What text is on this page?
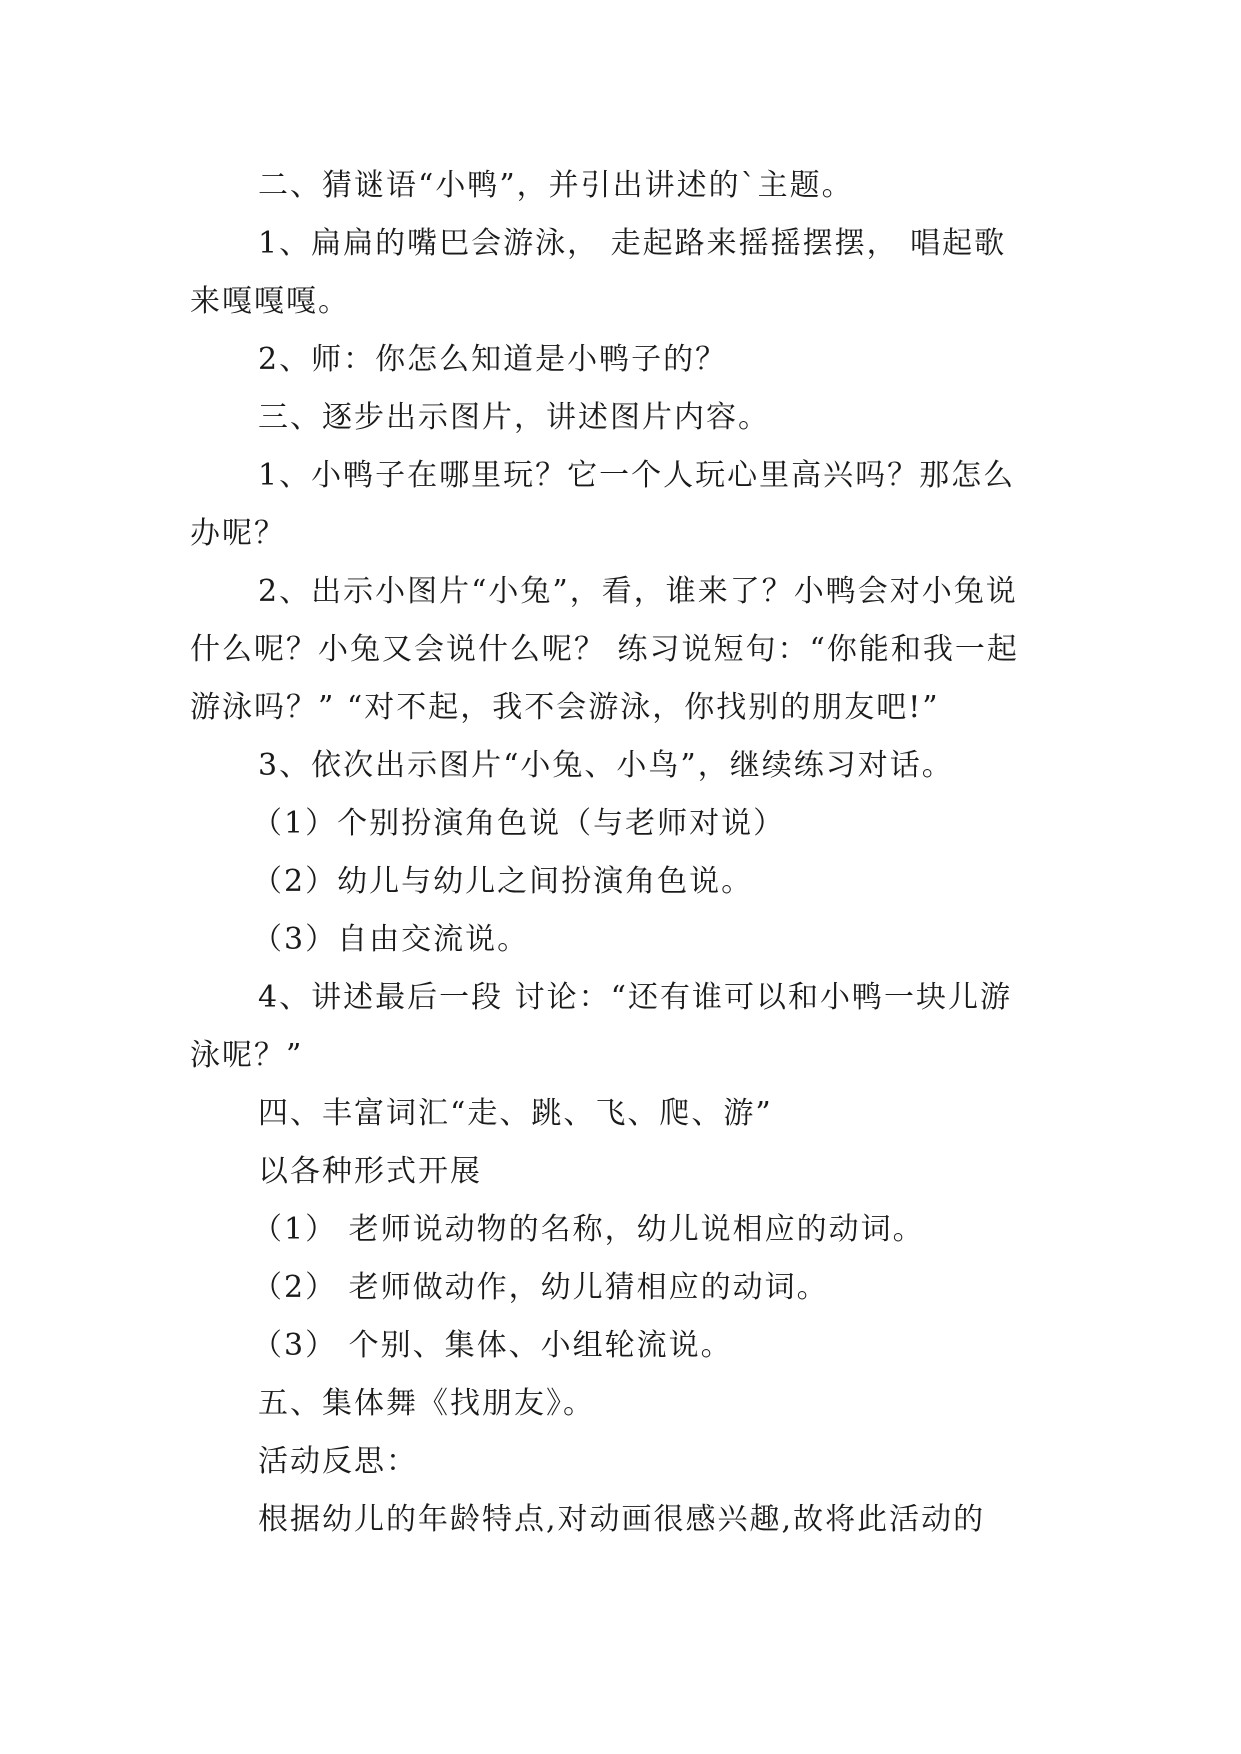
二、猜谜语“小鸭”，并引出讲述的`主题。
1、扁扁的嘴巴会游泳， 走起路来摇摇摆摆， 唱起歌
来嘎嘎嘎。
2、师：你怎么知道是小鸭子的？
三、逐步出示图片，讲述图片内容。
1、小鸭子在哪里玩？它一个人玩心里高兴吗？那怎么
办呢？
2、出示小图片“小兔”，看，谁来了？小鸭会对小兔说
什么呢？小兔又会说什么呢？ 练习说短句：“你能和我一起
游泳吗？” “对不起，我不会游泳，你找别的朋友吧!”
3、依次出示图片“小兔、小鸟”，继续练习对话。
（1）个别扮演角色说（与老师对说）
（2）幼儿与幼儿之间扮演角色说。
（3）自由交流说。
4、讲述最后一段 讨论：“还有谁可以和小鸭一块儿游
泳呢？”
四、丰富词汇“走、跳、飞、爬、游”
以各种形式开展
（1） 老师说动物的名称，幼儿说相应的动词。
（2） 老师做动作，幼儿猜相应的动词。
（3） 个别、集体、小组轮流说。
五、集体舞《找朋友》。
活动反思：
根据幼儿的年龄特点,对动画很感兴趣,故将此活动的
